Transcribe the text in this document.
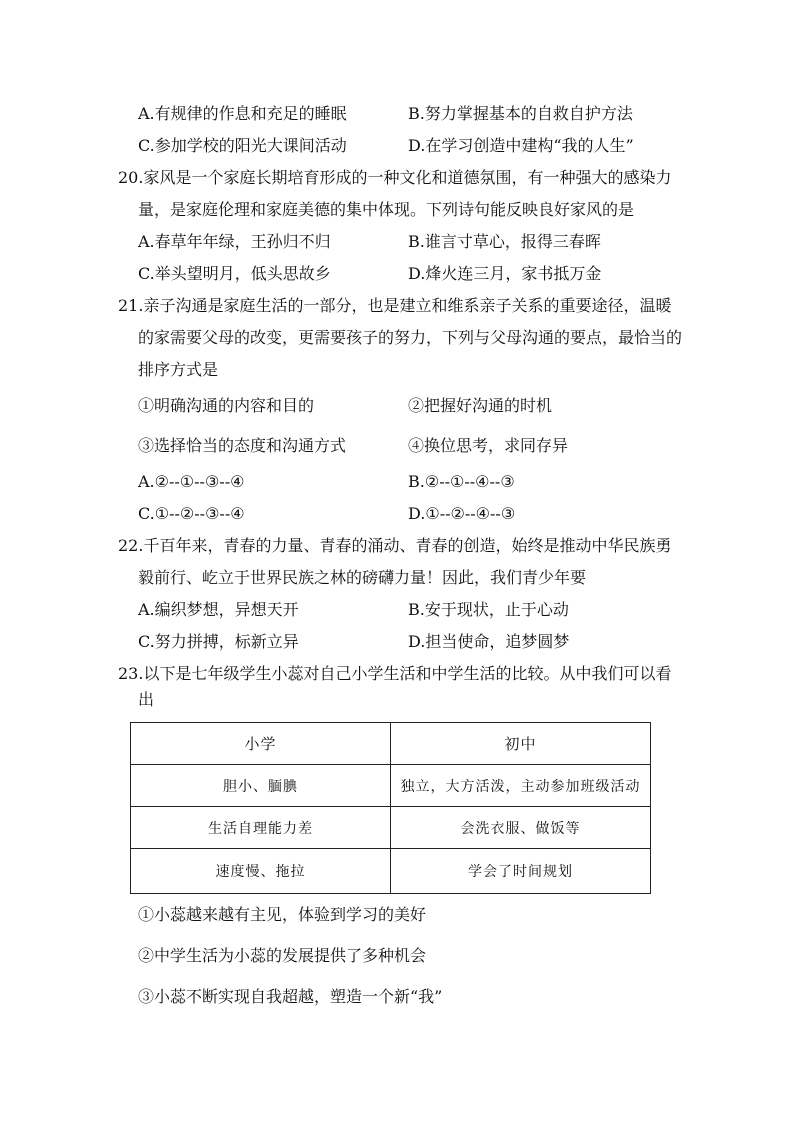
A.有规律的作息和充足的睡眠	B.努力掌握基本的自救自护方法
C.参加学校的阳光大课间活动	D.在学习创造中建构“我的人生”
20.家风是一个家庭长期培育形成的一种文化和道德氛围，有一种强大的感染力
量，是家庭伦理和家庭美德的集中体现。下列诗句能反映良好家风的是
A.春草年年绿，王孙归不归	B.谁言寸草心，报得三春晖
C.举头望明月，低头思故乡	D.烽火连三月，家书抵万金
21.亲子沟通是家庭生活的一部分，也是建立和维系亲子关系的重要途径，温暖
的家需要父母的改变，更需要孩子的努力，下列与父母沟通的要点，最恰当的
排序方式是
①明确沟通的内容和目的	②把握好沟通的时机
③选择恰当的态度和沟通方式	④换位思考，求同存异
A.②--①--③--④	B.②--①--④--③
C.①--②--③--④	D.①--②--④--③
22.千百年来，青春的力量、青春的涌动、青春的创造，始终是推动中华民族勇
毅前行、屹立于世界民族之林的磅礴力量！因此，我们青少年要
A.编织梦想，异想天开	B.安于现状，止于心动
C.努力拼搏，标新立异	D.担当使命，追梦圆梦
23.以下是七年级学生小蕊对自己小学生活和中学生活的比较。从中我们可以看
出
小学	初中
胆小、腼腆	独立，大方活泼，主动参加班级活动
生活自理能力差	会洗衣服、做饭等
速度慢、拖拉	学会了时间规划
①小蕊越来越有主见，体验到学习的美好
②中学生活为小蕊的发展提供了多种机会
③小蕊不断实现自我超越，塑造一个新“我”
